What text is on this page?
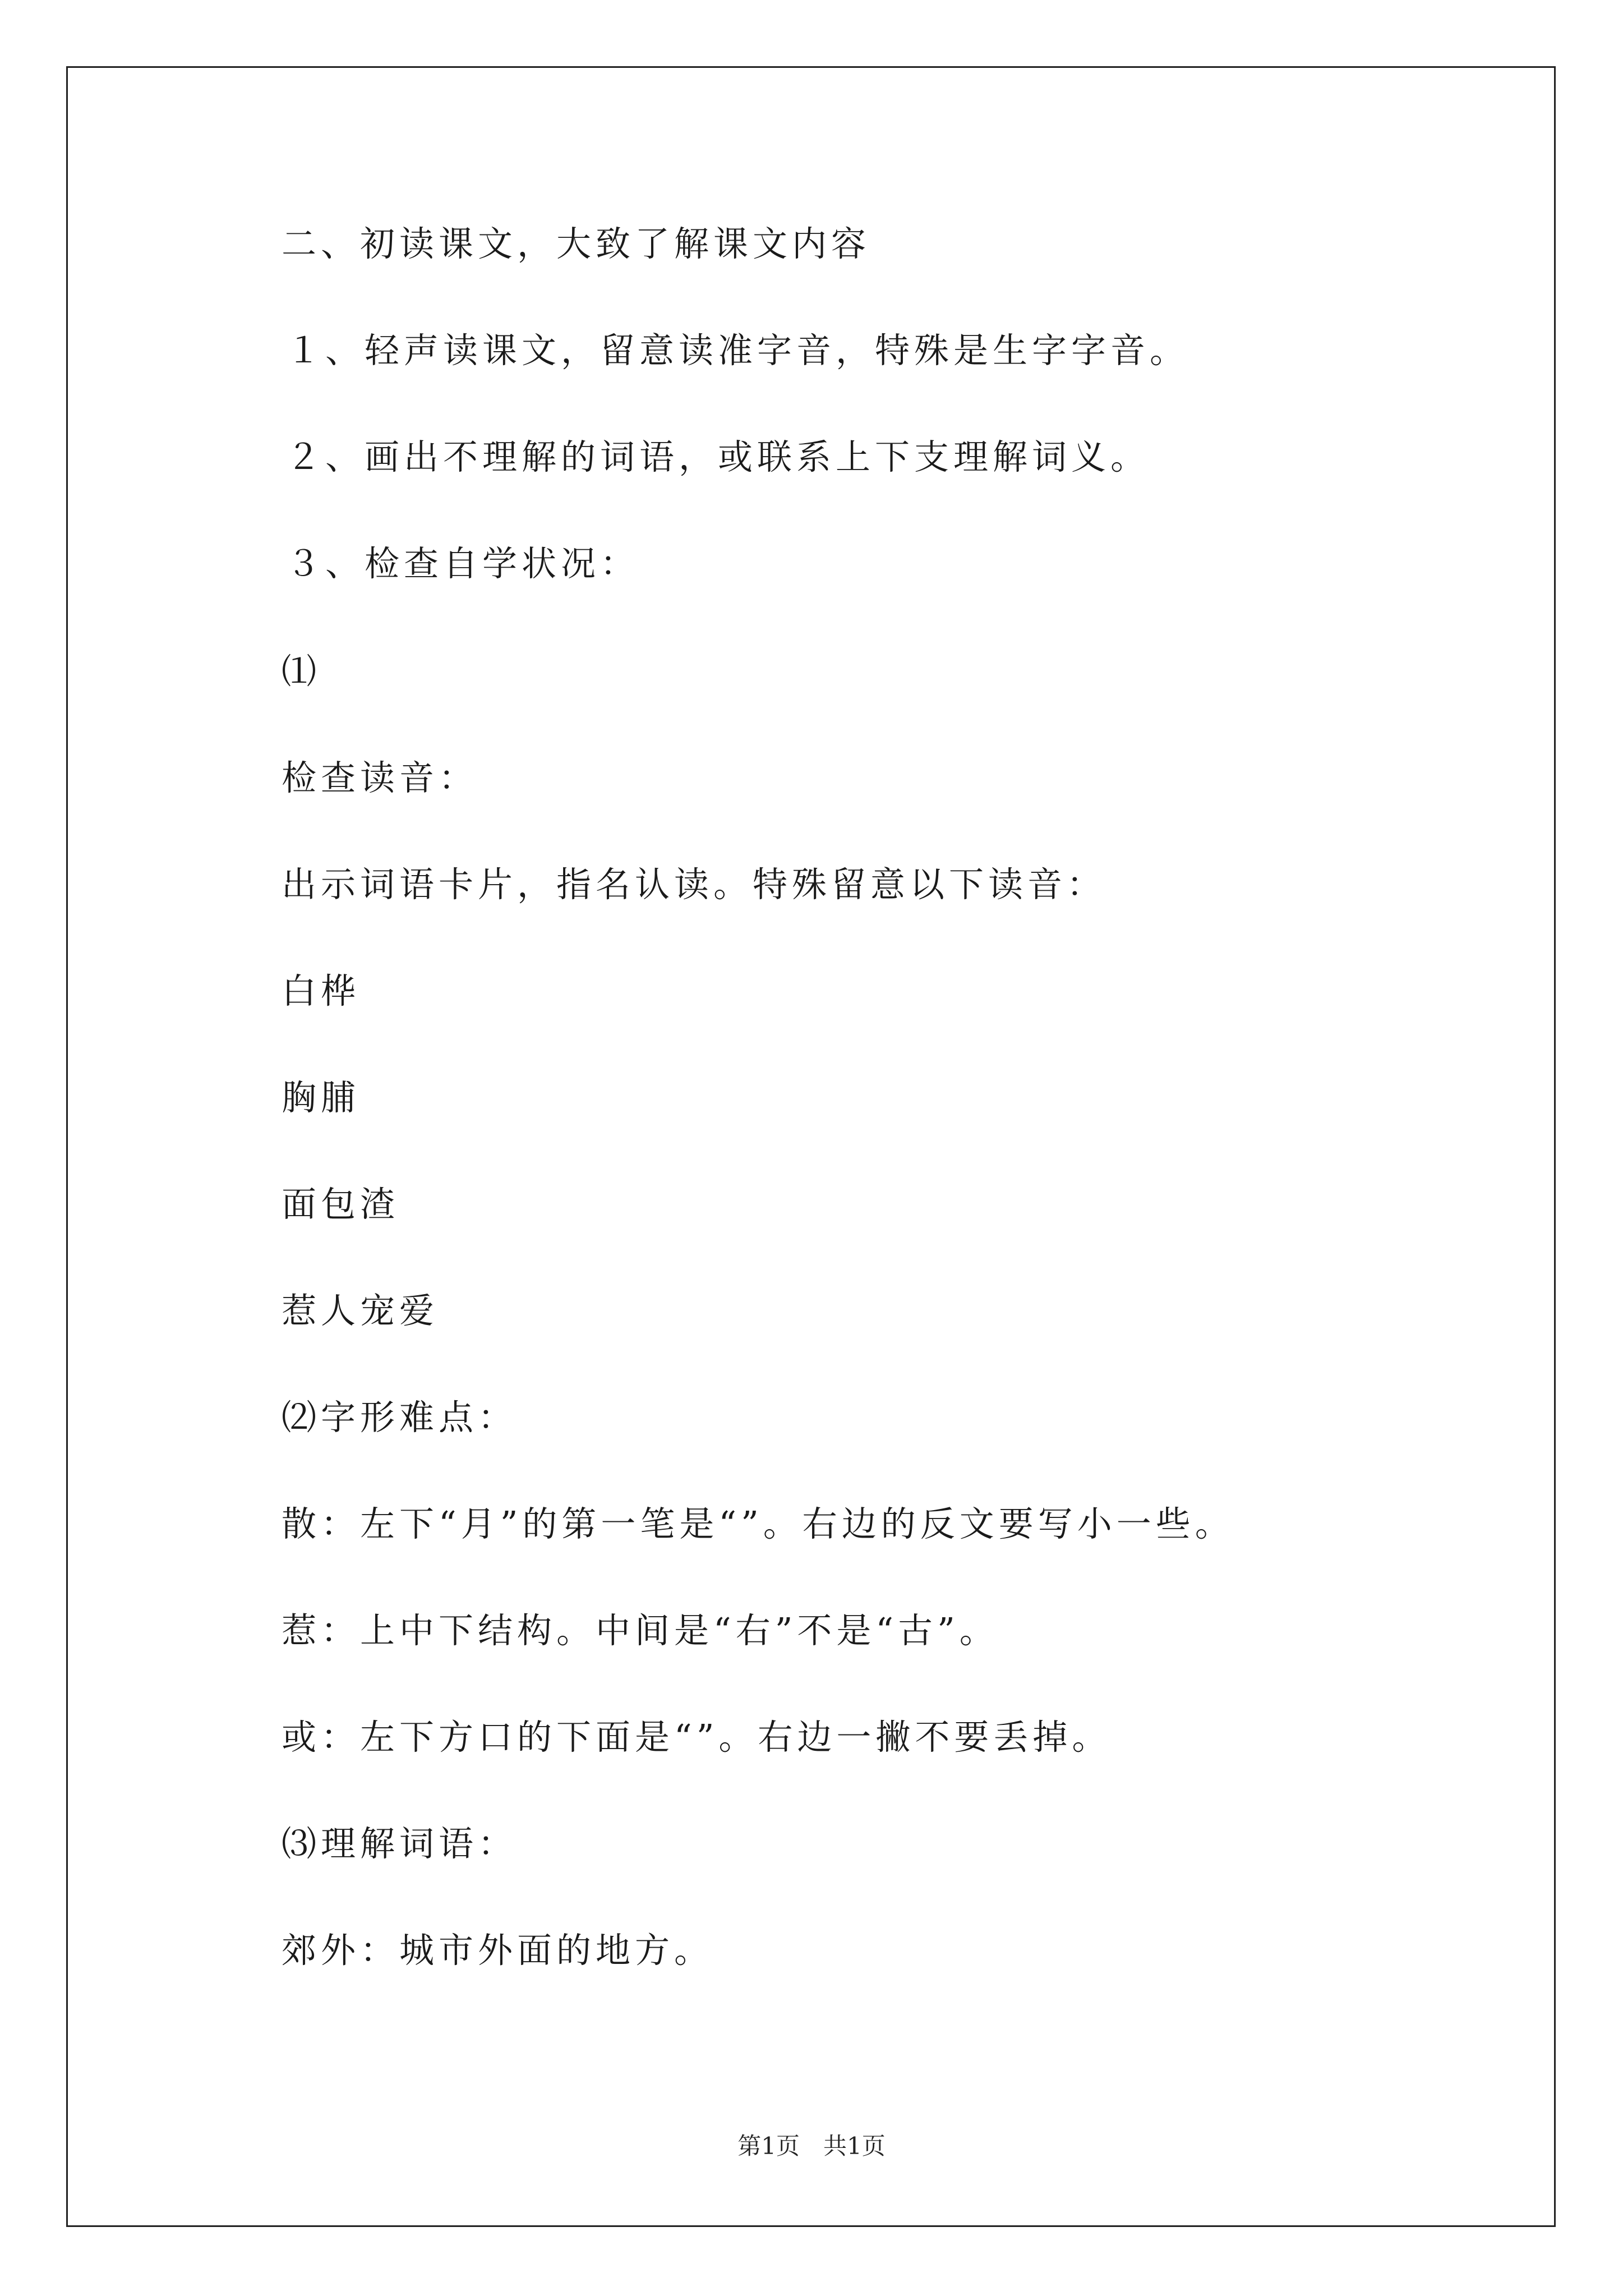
二、初读课文，大致了解课文内容
１、轻声读课文，留意读准字音，特殊是生字字音。
２、画出不理解的词语，或联系上下支理解词义。
３、检查自学状况：
⑴
检查读音：
出示词语卡片，指名认读。特殊留意以下读音：
白桦
胸脯
面包渣
惹人宠爱
⑵字形难点：
散：左下“月”的第一笔是“”。右边的反文要写小一些。
惹：上中下结构。中间是“右”不是“古”。
或：左下方口的下面是“”。右边一撇不要丢掉。
⑶理解词语：
郊外：城市外面的地方。
第1页　共1页
